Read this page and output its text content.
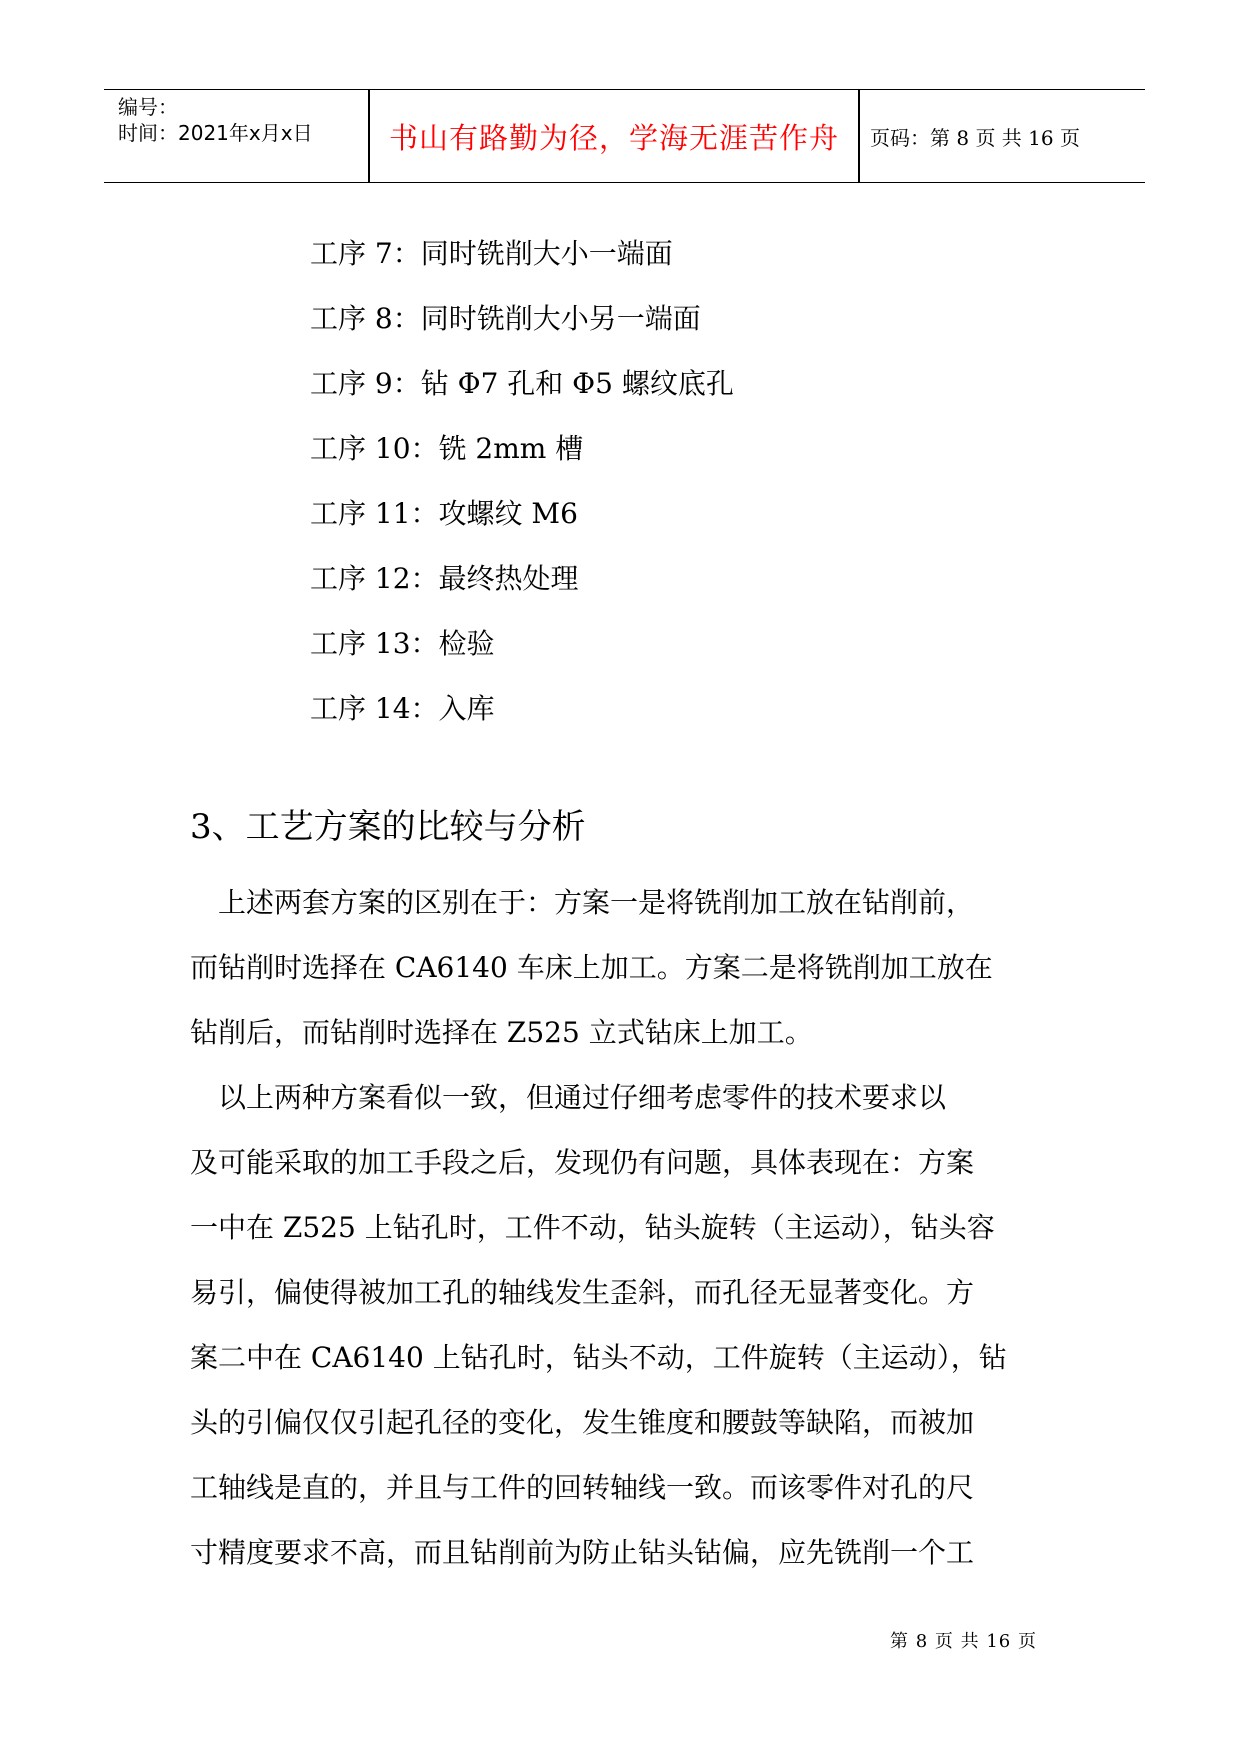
编号：
时间：2021年x月x日	书山有路勤为径，学海无涯苦作舟	页码：第 8 页 共 16 页
工序 7：同时铣削大小一端面
工序 8：同时铣削大小另一端面
工序 9：钻 Φ7 孔和 Φ5 螺纹底孔
工序 10：铣 2mm 槽
工序 11：攻螺纹 M6
工序 12：最终热处理
工序 13：检验
工序 14：入库
3、工艺方案的比较与分析
　上述两套方案的区别在于：方案一是将铣削加工放在钻削前，
而钻削时选择在 CA6140 车床上加工。方案二是将铣削加工放在
钻削后，而钻削时选择在 Z525 立式钻床上加工。
　以上两种方案看似一致，但通过仔细考虑零件的技术要求以
及可能采取的加工手段之后，发现仍有问题，具体表现在：方案
一中在 Z525 上钻孔时，工件不动，钻头旋转（主运动），钻头容
易引，偏使得被加工孔的轴线发生歪斜，而孔径无显著变化。方
案二中在 CA6140 上钻孔时，钻头不动，工件旋转（主运动），钻
头的引偏仅仅引起孔径的变化，发生锥度和腰鼓等缺陷，而被加
工轴线是直的，并且与工件的回转轴线一致。而该零件对孔的尺
寸精度要求不高，而且钻削前为防止钻头钻偏，应先铣削一个工
第 8 页 共 16 页
